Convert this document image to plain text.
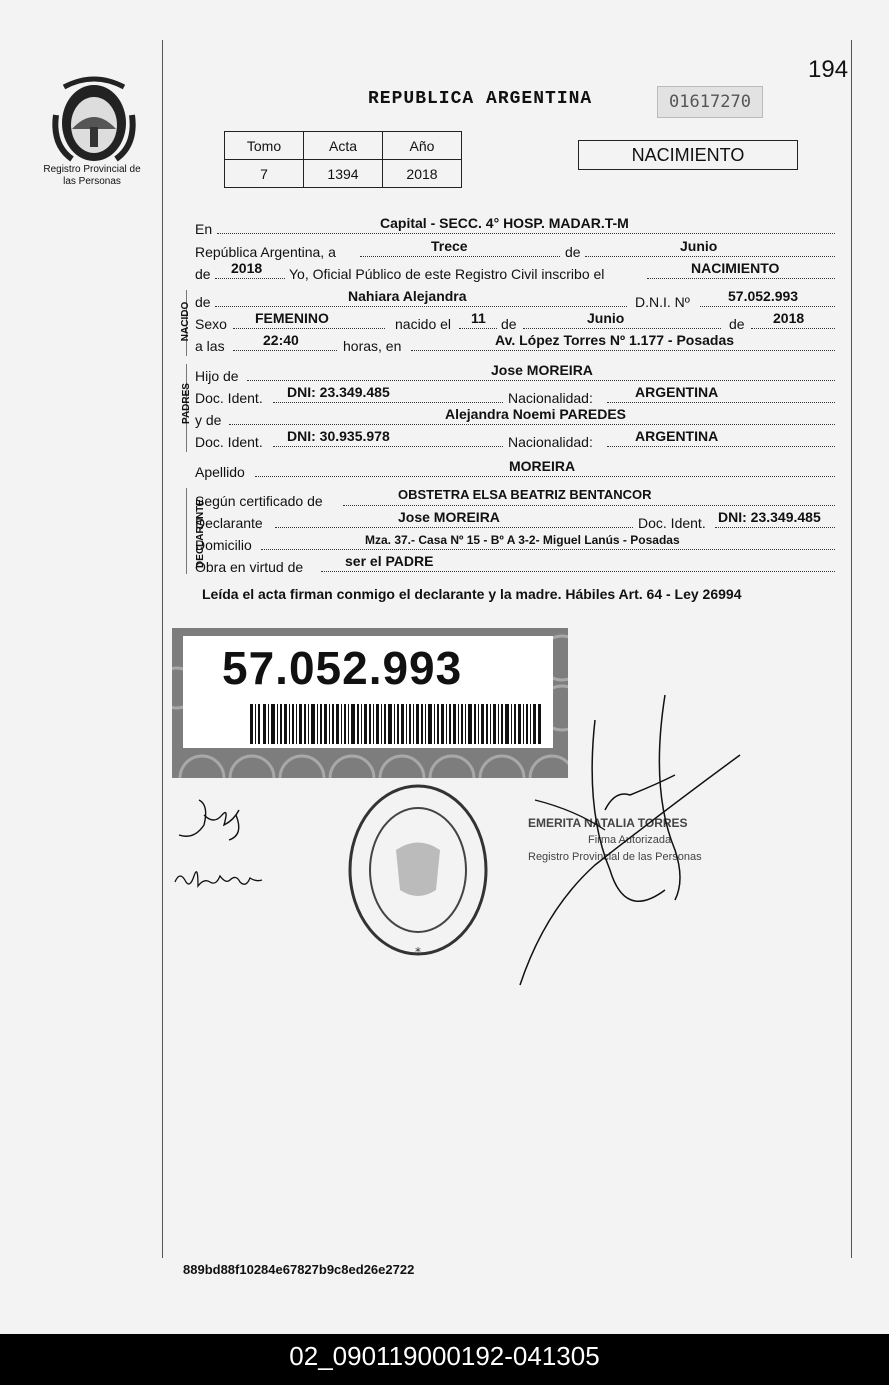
194
Registro Provincial de las Personas
REPUBLICA ARGENTINA	01617270
Tomo	Acta	Año
7	1394	2018
NACIMIENTO
En	Capital - SECC. 4° HOSP. MADAR.T-M
República Argentina, a	Trece	de	Junio
de 2018 Yo, Oficial Público de este Registro Civil inscribo el	NACIMIENTO
NACIDO de	Nahiara Alejandra	D.N.I. Nº	57.052.993
Sexo FEMENINO	nacido el 11 de	Junio	de 2018
a las	22:40	horas, en	Av. López Torres Nº 1.177 - Posadas
PADRES
Hijo de	Jose MOREIRA
Doc. Ident. DNI: 23.349.485	Nacionalidad:	ARGENTINA
y de	Alejandra Noemi PAREDES
Doc. Ident. DNI: 30.935.978	Nacionalidad:	ARGENTINA
Apellido	MOREIRA
DECLARANTE
Según certificado de	OBSTETRA ELSA BEATRIZ BENTANCOR
Declarante	Jose MOREIRA	Doc. Ident. DNI: 23.349.485
Domicilio	Mza. 37.- Casa Nº 15 - Bº A 3-2- Miguel Lanús - Posadas
Obra en virtud de	ser el PADRE
Leída el acta firman conmigo el declarante y la madre. Hábiles Art. 64 - Ley 26994
57.052.993
*
EMERITA NATALIA TORRES
Firma Autorizada
Registro Provincial de las Personas
889bd88f10284e67827b9c8ed26e2722
02_090119000192-041305
